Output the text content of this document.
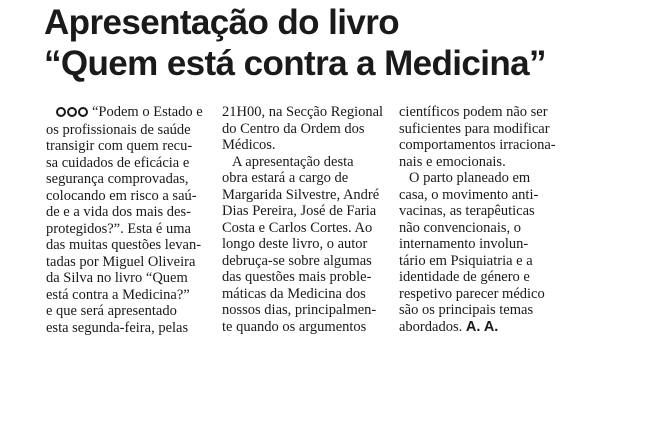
Apresentação do livro
“Quem está contra a Medicina”

“Podem o Estado e
os profissionais de saúde
transigir com quem recu-
sa cuidados de eficácia e
segurança comprovadas,
colocando em risco a saú-
de e a vida dos mais des-
protegidos?”. Esta é uma
das muitas questões levan-
tadas por Miguel Oliveira
da Silva no livro “Quem
está contra a Medicina?”
e que será apresentado
esta segunda-feira, pelas

21H00, na Secção Regional
do Centro da Ordem dos
Médicos.
A apresentação desta
obra estará a cargo de
Margarida Silvestre, André
Dias Pereira, José de Faria
Costa e Carlos Cortes. Ao
longo deste livro, o autor
debruça-se sobre algumas
das questões mais proble-
máticas da Medicina dos
nossos dias, principalmen-
te quando os argumentos

científicos podem não ser
suficientes para modificar
comportamentos irraciona-
nais e emocionais.
O parto planeado em
casa, o movimento anti-
vacinas, as terapêuticas
não convencionais, o
internamento involun-
tário em Psiquiatria e a
identidade de género e
respetivo parecer médico
são os principais temas
abordados. A. A.
